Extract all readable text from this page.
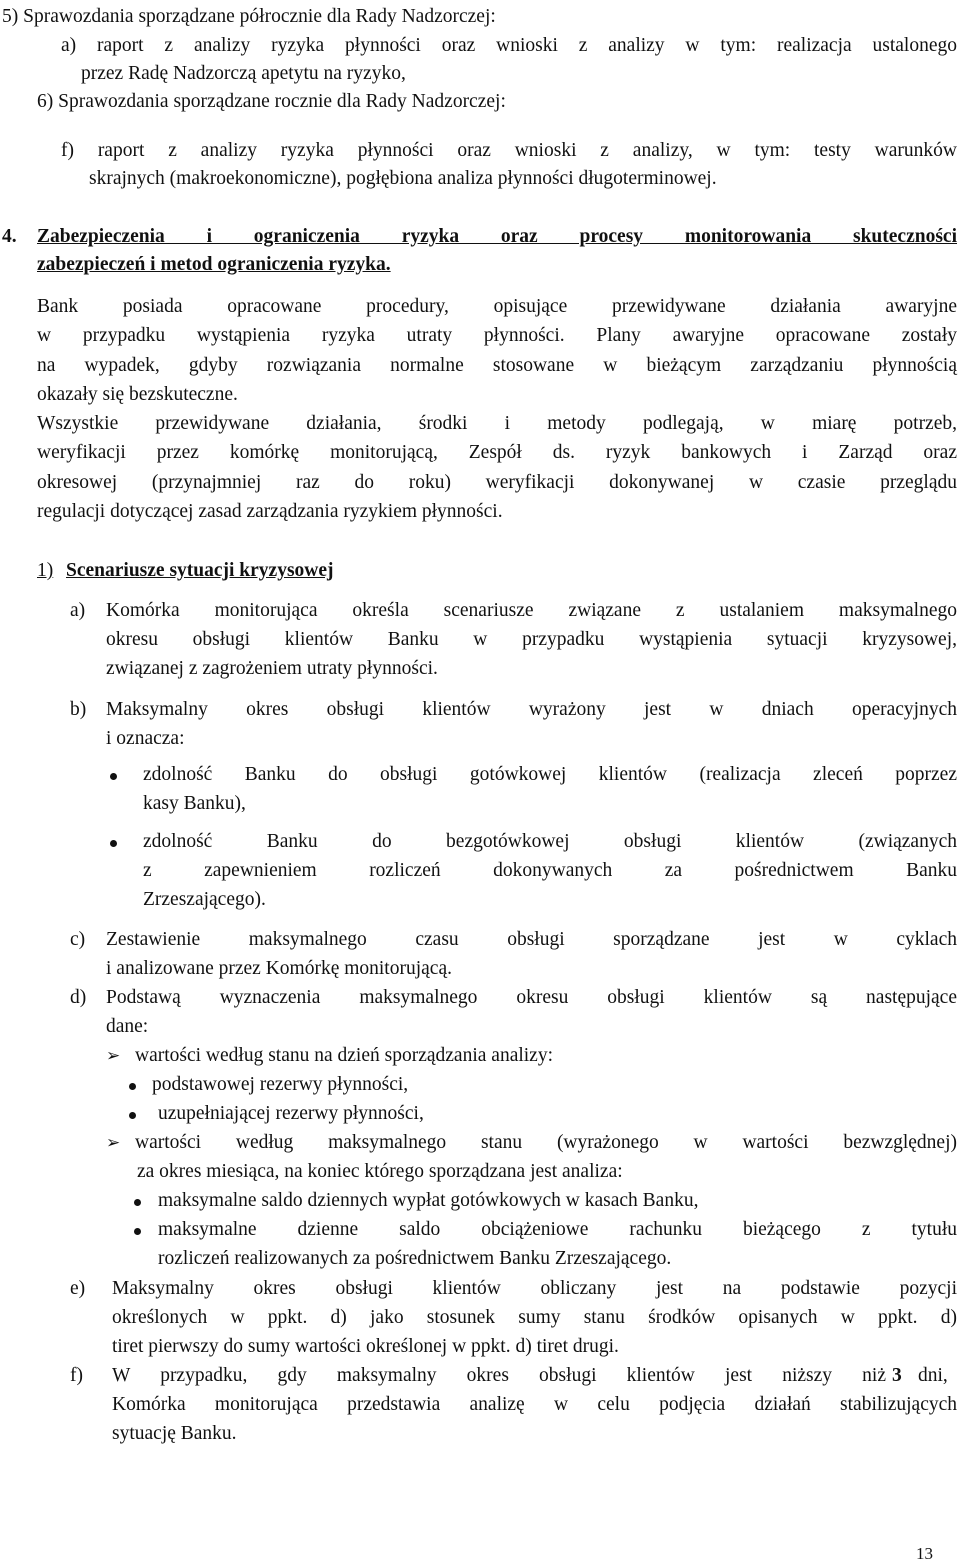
5) Sprawozdania sporządzane półrocznie dla Rady Nadzorczej:
a) raport z analizy ryzyka płynności oraz wnioski z analizy w tym: realizacja ustalonego
przez Radę Nadzorczą apetytu na ryzyko,
6) Sprawozdania sporządzane rocznie dla Rady Nadzorczej:
f) raport z analizy ryzyka płynności oraz wnioski z analizy, w tym: testy warunków
skrajnych (makroekonomiczne), pogłębiona analiza płynności długoterminowej.
4. Zabezpieczenia i ograniczenia ryzyka oraz procesy monitorowania skuteczności
zabezpieczeń i metod ograniczenia ryzyka.
Bank posiada opracowane procedury, opisujące przewidywane działania awaryjne
w przypadku wystąpienia ryzyka utraty płynności. Plany awaryjne opracowane zostały
na wypadek, gdyby rozwiązania normalne stosowane w bieżącym zarządzaniu płynnością
okazały się bezskuteczne.
Wszystkie przewidywane działania, środki i metody podlegają, w miarę potrzeb,
weryfikacji przez komórkę monitorującą, Zespół ds. ryzyk bankowych i Zarząd oraz
okresowej (przynajmniej raz do roku) weryfikacji dokonywanej w czasie przeglądu
regulacji dotyczącej zasad zarządzania ryzykiem płynności.
1) Scenariusze sytuacji kryzysowej
a) Komórka monitorująca określa scenariusze związane z ustalaniem maksymalnego
okresu obsługi klientów Banku w przypadku wystąpienia sytuacji kryzysowej,
związanej z zagrożeniem utraty płynności.
b) Maksymalny okres obsługi klientów wyrażony jest w dniach operacyjnych
i oznacza:
zdolność Banku do obsługi gotówkowej klientów (realizacja zleceń poprzez
kasy Banku),
zdolność Banku do bezgotówkowej obsługi klientów (związanych
z zapewnieniem rozliczeń dokonywanych za pośrednictwem Banku
Zrzeszającego).
c) Zestawienie maksymalnego czasu obsługi sporządzane jest w cyklach
i analizowane przez Komórkę monitorującą.
d) Podstawą wyznaczenia maksymalnego okresu obsługi klientów są następujące
dane:
➢ wartości według stanu na dzień sporządzania analizy:
podstawowej rezerwy płynności,
uzupełniającej rezerwy płynności,
➢ wartości według maksymalnego stanu (wyrażonego w wartości bezwzględnej)
za okres miesiąca, na koniec którego sporządzana jest analiza:
maksymalne saldo dziennych wypłat gotówkowych w kasach Banku,
maksymalne dzienne saldo obciążeniowe rachunku bieżącego z tytułu
rozliczeń realizowanych za pośrednictwem Banku Zrzeszającego.
e) Maksymalny okres obsługi klientów obliczany jest na podstawie pozycji
określonych w ppkt. d) jako stosunek sumy stanu środków opisanych w ppkt. d)
tiret pierwszy do sumy wartości określonej w ppkt. d) tiret drugi.
f) W przypadku, gdy maksymalny okres obsługi klientów jest niższy niż 3 dni,
Komórka monitorująca przedstawia analizę w celu podjęcia działań stabilizujących
sytuację Banku.
13
